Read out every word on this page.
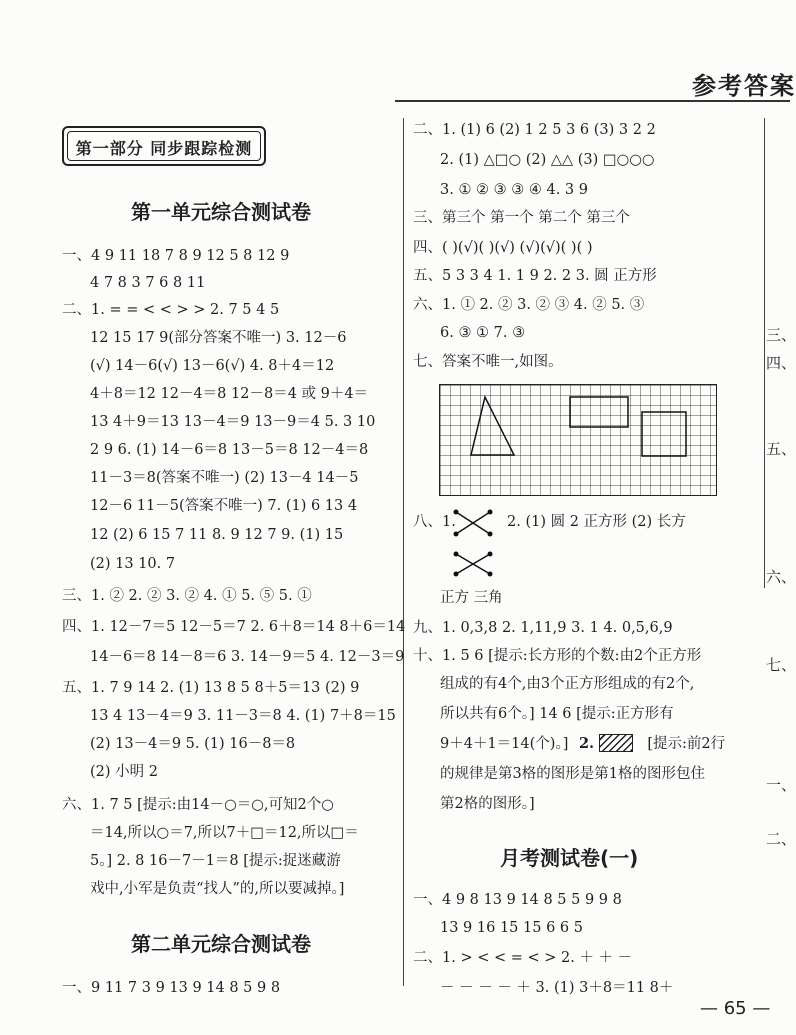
参考答案
第一部分 同步跟踪检测
第一单元综合测试卷
一、4 9 11 18 7 8 9 12 5 8 12 9
4 7 8 3 7 6 8 11
二、1. = = < < > > 2. 7 5 4 5
12 15 17 9(部分答案不唯一) 3. 12－6
(√) 14－6(√) 13－6(√) 4. 8＋4＝12
4＋8＝12 12－4＝8 12－8＝4 或 9＋4＝
13 4＋9＝13 13－4＝9 13－9＝4 5. 3 10
2 9 6. (1) 14－6＝8 13－5＝8 12－4＝8
11－3＝8(答案不唯一) (2) 13－4 14－5
12－6 11－5(答案不唯一) 7. (1) 6 13 4
12 (2) 6 15 7 11 8. 9 12 7 9. (1) 15
(2) 13 10. 7
三、1. ② 2. ② 3. ② 4. ① 5. ⑤ 5. ①
四、1. 12－7＝5 12－5＝7 2. 6＋8＝14 8＋6＝14
14－6＝8 14－8＝6 3. 14－9＝5 4. 12－3＝9
五、1. 7 9 14 2. (1) 13 8 5 8＋5＝13 (2) 9
13 4 13－4＝9 3. 11－3＝8 4. (1) 7＋8＝15
(2) 13－4＝9 5. (1) 16－8＝8
(2) 小明 2
六、1. 7 5 [提示:由14－○＝○,可知2个○
＝14,所以○＝7,所以7＋□＝12,所以□＝
5。] 2. 8 16－7－1＝8 [提示:捉迷藏游
戏中,小军是负责“找人”的,所以要减掉。]
第二单元综合测试卷
一、9 11 7 3 9 13 9 14 8 5 9 8
二、1. (1) 6 (2) 1 2 5 3 6 (3) 3 2 2
2. (1) △□○ (2) △△ (3) □○○○
3. ① ② ③ ③ ④ 4. 3 9
三、第三个 第一个 第二个 第三个
四、( )(√)( )(√) (√)(√)( )( )
五、5 3 3 4 1. 1 9 2. 2 3. 圆 正方形
六、1. ① 2. ② 3. ② ③ 4. ② 5. ③
6. ③ ① 7. ③
七、答案不唯一,如图。
八、1.	2. (1) 圆 2 正方形 (2) 长方
正方 三角
九、1. 0,3,8 2. 1,11,9 3. 1 4. 0,5,6,9
十、1. 5 6 [提示:长方形的个数:由2个正方形
组成的有4个,由3个正方形组成的有2个,
所以共有6个。] 14 6 [提示:正方形有
9＋4＋1＝14(个)。] 2.	[提示:前2行
的规律是第3格的图形是第1格的图形包住
第2格的图形。]
月考测试卷(一)
一、4 9 8 13 9 14 8 5 5 9 9 8
13 9 16 15 15 6 6 5
二、1. > < < = < > 2. ＋ ＋ －
－ － － － ＋ 3. (1) 3＋8＝11 8＋
三、
四、
五、
六、
七、
一、
二、
— 65 —
